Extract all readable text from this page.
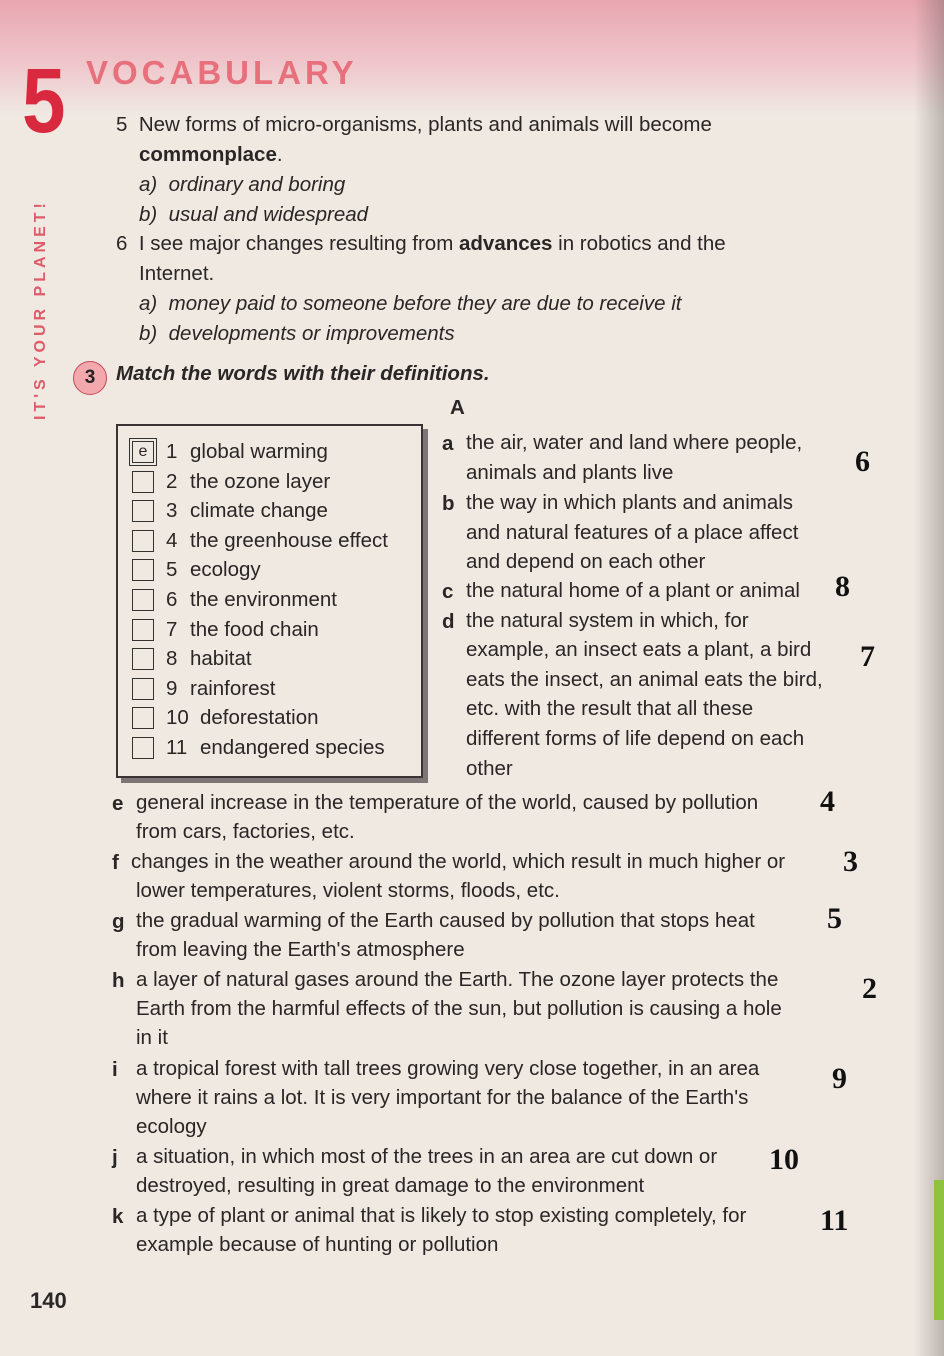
5 VOCABULARY
IT'S YOUR PLANET!
5 New forms of micro-organisms, plants and animals will become
commonplace.
a) ordinary and boring
b) usual and widespread
6 I see major changes resulting from advances in robotics and the
Internet.
a) money paid to someone before they are due to receive it
b) developments or improvements
3	Match the words with their definitions.
A
e 1 global warming
2 the ozone layer
3 climate change
4 the greenhouse effect
5 ecology
6 the environment
7 the food chain
8 habitat
9 rainforest
10 deforestation
11 endangered species
a the air, water and land where people,
animals and plants live	6
b the way in which plants and animals
and natural features of a place affect
and depend on each other
c the natural home of a plant or animal 8
d the natural system in which, for
example, an insect eats a plant, a bird
eats the insect, an animal eats the bird,
etc. with the result that all these
different forms of life depend on each
other
7
e general increase in the temperature of the world, caused by pollution
from cars, factories, etc.
4
f changes in the weather around the world, which result in much higher or
lower temperatures, violent storms, floods, etc.
3
g the gradual warming of the Earth caused by pollution that stops heat
from leaving the Earth's atmosphere
5
h a layer of natural gases around the Earth. The ozone layer protects the
Earth from the harmful effects of the sun, but pollution is causing a hole
in it
2
i a tropical forest with tall trees growing very close together, in an area
where it rains a lot. It is very important for the balance of the Earth's
ecology
9
j a situation, in which most of the trees in an area are cut down or
destroyed, resulting in great damage to the environment
10
k a type of plant or animal that is likely to stop existing completely, for
example because of hunting or pollution
11
140
